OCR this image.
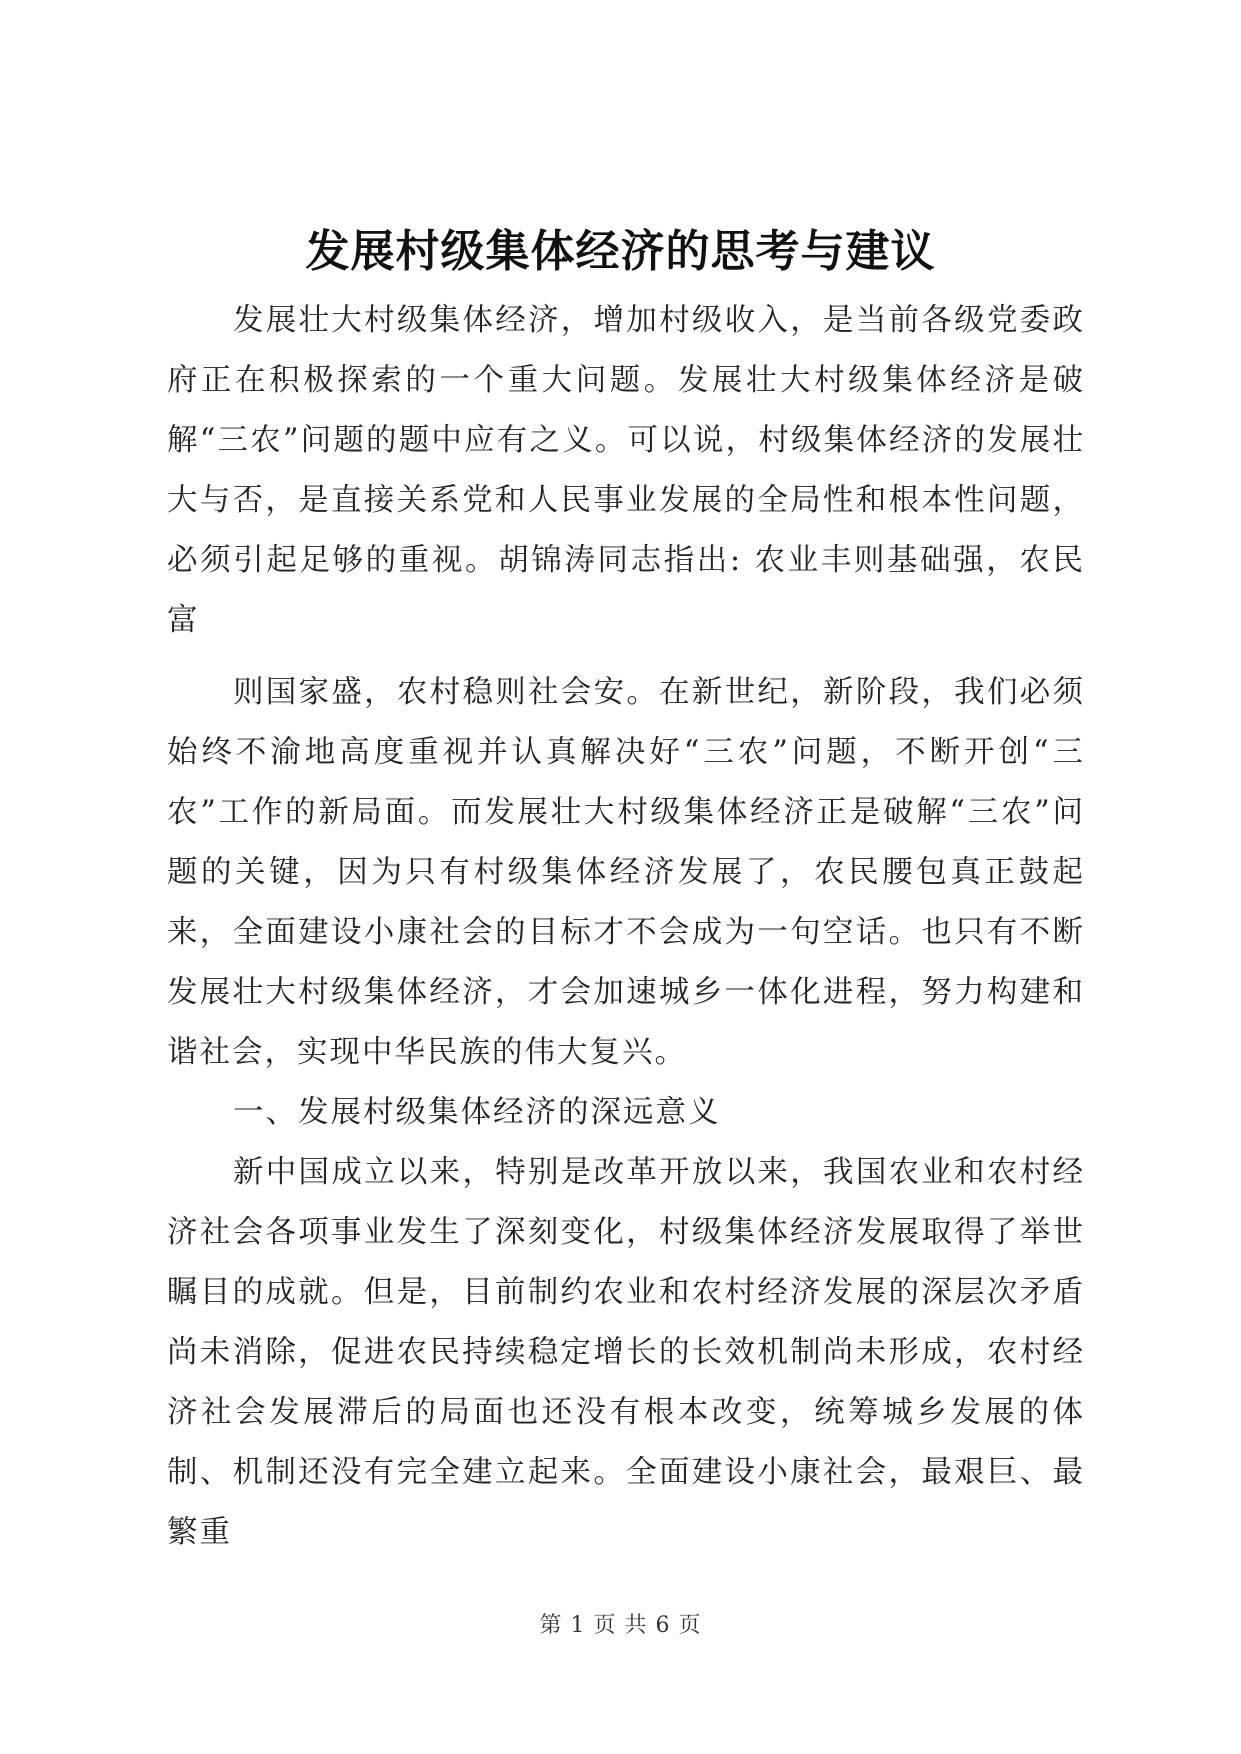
发展村级集体经济的思考与建议

发展壮大村级集体经济，增加村级收入，是当前各级党委政府正在积极探索的一个重大问题。发展壮大村级集体经济是破解“三农”问题的题中应有之义。可以说，村级集体经济的发展壮大与否，是直接关系党和人民事业发展的全局性和根本性问题，必须引起足够的重视。胡锦涛同志指出: 农业丰则基础强，农民富

则国家盛，农村稳则社会安。在新世纪，新阶段，我们必须始终不渝地高度重视并认真解决好“三农”问题，不断开创“三农”工作的新局面。而发展壮大村级集体经济正是破解“三农”问题的关键，因为只有村级集体经济发展了，农民腰包真正鼓起来，全面建设小康社会的目标才不会成为一句空话。也只有不断发展壮大村级集体经济，才会加速城乡一体化进程，努力构建和谐社会，实现中华民族的伟大复兴。

一、发展村级集体经济的深远意义

新中国成立以来，特别是改革开放以来，我国农业和农村经济社会各项事业发生了深刻变化，村级集体经济发展取得了举世瞩目的成就。但是，目前制约农业和农村经济发展的深层次矛盾尚未消除，促进农民持续稳定增长的长效机制尚未形成，农村经济社会发展滞后的局面也还没有根本改变，统筹城乡发展的体制、机制还没有完全建立起来。全面建设小康社会，最艰巨、最繁重

第 1 页 共 6 页
